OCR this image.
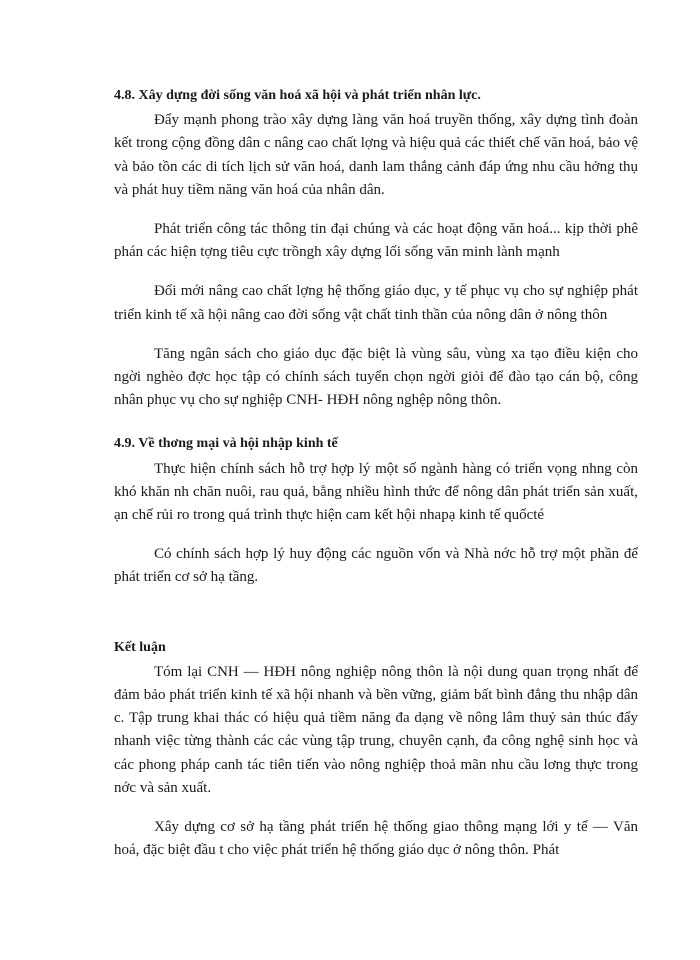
4.8. Xây dựng đời sống văn hoá xã hội và phát triển nhân lực.

Đẩy mạnh phong trào xây dựng làng văn hoá truyền thống, xây dựng tình đoàn kết trong cộng đồng dân c nâng cao chất lợng và hiệu quả các thiết chế văn hoá, bảo vệ và bảo tồn các di tích lịch sử văn hoá, danh lam thắng cảnh đáp ứng nhu cầu hởng thụ và phát huy tiềm năng văn hoá của nhân dân.

Phát triển công tác thông tin đại chúng và các hoạt động văn hoá... kịp thời phê phán các hiện tợng tiêu cực trồngh xây dựng lối sống văn minh lành mạnh

Đổi mới nâng cao chất lợng hệ thống giáo dục, y tế phục vụ cho sự nghiệp phát triển kinh tế xã hội nâng cao đời sống vật chất tinh thần của nông dân ở nông thôn

Tăng ngân sách cho giáo dục đặc biệt là vùng sâu, vùng xa tạo điều kiện cho ngời nghèo đợc học tập có chính sách tuyển chọn ngời giỏi để đào tạo cán bộ, công nhân phục vụ cho sự nghiệp CNH- HĐH nông nghệp nông thôn.

4.9. Về thơng mại và hội nhập kinh tế

Thực hiện chính sách hỗ trợ hợp lý một số ngành hàng có triển vọng nhng còn khó khăn nh chăn nuôi, rau quả, bằng nhiều hình thức để nông dân phát triển sản xuất, ạn chế rủi ro trong quá trình thực hiện cam kết hội nhapạ kinh tế quốcté

Có chính sách hợp lý huy động các nguồn vốn và Nhà nớc hỗ trợ một phần để phát triển cơ sở hạ tầng.

Kết luận

Tóm lại CNH — HĐH nông nghiệp nông thôn là nội dung quan trọng nhất để đảm bảo phát triển kinh tế xã hội nhanh và bền vững, giảm bất bình đẳng thu nhập dân c. Tập trung khai thác có hiệu quả tiềm năng đa dạng về nông lâm thuỷ sản thúc đẩy nhanh việc từng thành các các vùng tập trung, chuyên cạnh, đa công nghệ sinh học và các phong pháp canh tác tiên tiến vào nông nghiệp thoả mãn nhu cầu lơng thực trong nớc và sản xuất.

Xây dựng cơ sở hạ tầng phát triển hệ thống giao thông mạng lới y tế — Văn hoá, đặc biệt đầu t cho việc phát triển hệ thống giáo dục ở nông thôn. Phát
